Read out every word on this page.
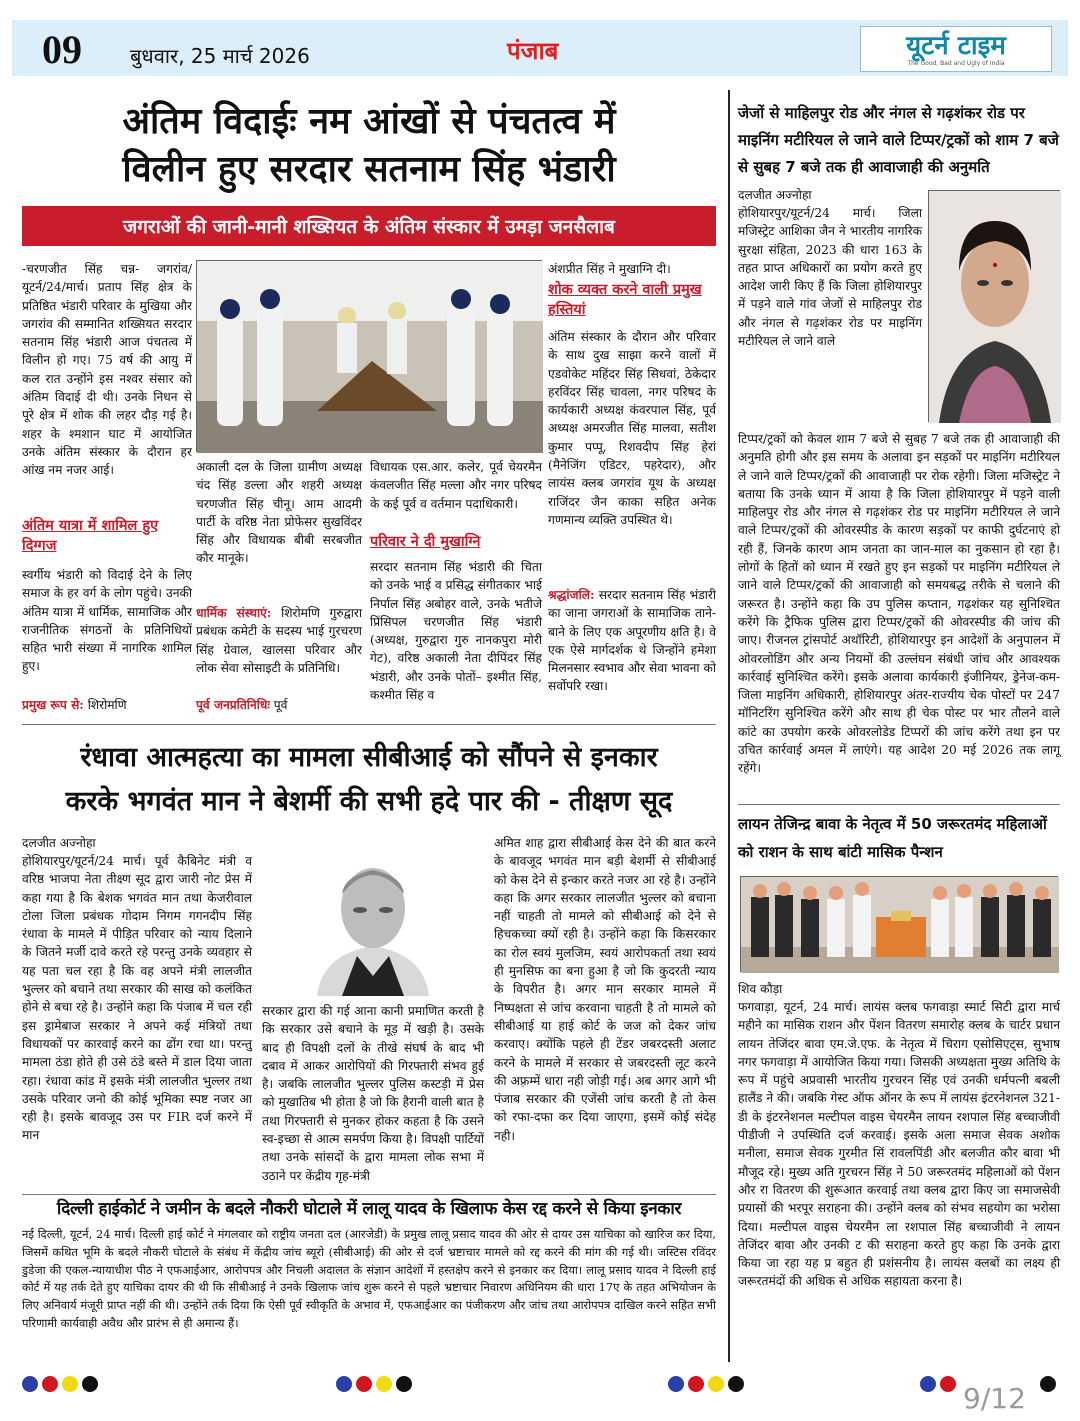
09 बुधवार, 25 मार्च 2026	पंजाब	यूटर्न टाइम
The Good, Bad and Ugly of India
अंतिम विदाईः नम आंखों से पंचतत्व में
विलीन हुए सरदार सतनाम सिंह भंडारी
जगराओं की जानी-मानी शख्सियत के अंतिम संस्कार में उमड़ा जनसैलाब
-चरणजीत सिंह चन्न- जगरांव/यूटर्न/24/मार्च। प्रताप सिंह क्षेत्र के प्रतिष्ठित भंडारी परिवार के मुखिया और जगरांव की सम्मानित शख्सियत सरदार सतनाम सिंह भंडारी आज पंचतत्व में विलीन हो गए। 75 वर्ष की आयु में कल रात उन्होंने इस नश्वर संसार को अंतिम विदाई दी थी। उनके निधन से पूरे क्षेत्र में शोक की लहर दौड़ गई है। शहर के श्मशान घाट में आयोजित उनके अंतिम संस्कार के दौरान हर आंख नम नजर आई।
अंतिम यात्रा में शामिल हुए दिग्गज
स्वर्गीय भंडारी को विदाई देने के लिए समाज के हर वर्ग के लोग पहुंचे। उनकी अंतिम यात्रा में धार्मिक, सामाजिक और राजनीतिक संगठनों के प्रतिनिधियों सहित भारी संख्या में नागरिक शामिल हुए।
प्रमुख रूप से: शिरोमणि
अकाली दल के जिला ग्रामीण अध्यक्ष चंद सिंह डल्ला और शहरी अध्यक्ष चरणजीत सिंह चीनू। आम आदमी पार्टी के वरिष्ठ नेता प्रोफेसर सुखविंदर सिंह और विधायक बीबी सरबजीत कौर मानूके।
धार्मिक संस्थाएं: शिरोमणि गुरुद्वारा प्रबंधक कमेटी के सदस्य भाई गुरचरण सिंह ग्रेवाल, खालसा परिवार और लोक सेवा सोसाइटी के प्रतिनिधि।
पूर्व जनप्रतिनिधिः पूर्व
विधायक एस.आर. कलेर, पूर्व चेयरमैन कंवलजीत सिंह मल्ला और नगर परिषद के कई पूर्व व वर्तमान पदाधिकारी।
परिवार ने दी मुखाग्नि
सरदार सतनाम सिंह भंडारी की चिता को उनके भाई व प्रसिद्ध संगीतकार भाई निर्पाल सिंह अबोहर वाले, उनके भतीजे प्रिंसिपल चरणजीत सिंह भंडारी (अध्यक्ष, गुरुद्वारा गुरु नानकपुरा मोरी गेट), वरिष्ठ अकाली नेता दीपिंदर सिंह भंडारी, और उनके पोतों– इश्मीत सिंह, कश्मीत सिंह व
अंशप्रीत सिंह ने मुखाग्नि दी।
शोक व्यक्त करने वाली प्रमुख हस्तियां
अंतिम संस्कार के दौरान और परिवार के साथ दुख साझा करने वालों में एडवोकेट महिंदर सिंह सिधवां, ठेकेदार हरविंदर सिंह चावला, नगर परिषद के कार्यकारी अध्यक्ष कंवरपाल सिंह, पूर्व अध्यक्ष अमरजीत सिंह मालवा, सतीश कुमार पप्पू, रिशवदीप सिंह हेरां (मैनेजिंग एडिटर, पहरेदार), और लायंस क्लब जगरांव यूथ के अध्यक्ष राजिंदर जैन काका सहित अनेक गणमान्य व्यक्ति उपस्थित थे।
श्रद्धांजलि: सरदार सतनाम सिंह भंडारी का जाना जगराओं के सामाजिक ताने-बाने के लिए एक अपूरणीय क्षति है। वे एक ऐसे मार्गदर्शक थे जिन्होंने हमेशा मिलनसार स्वभाव और सेवा भावना को सर्वोपरि रखा।
रंधावा आत्महत्या का मामला सीबीआई को सौंपने से इनकार
करके भगवंत मान ने बेशर्मी की सभी हदे पार की - तीक्षण सूद
दलजीत अज्नोहा
होशियारपुर/यूटर्न/24 मार्च। पूर्व कैबिनेट मंत्री व वरिष्ठ भाजपा नेता तीक्ष्ण सूद द्वारा जारी नोट प्रेस में कहा गया है कि बेशक भगवंत मान तथा केजरीवाल टोला जिला प्रबंधक गोदाम निगम गगनदीप सिंह रंधावा के मामले में पीड़ित परिवार को न्याय दिलाने के जितने मर्जी दावे करते रहे परन्तु उनके व्यवहार से यह पता चल रहा है कि वह अपने मंत्री लालजीत भुल्लर को बचाने तथा सरकार की साख को कलंकित होने से बचा रहे है। उन्होंने कहा कि पंजाब में चल रही इस ड्रामेबाज सरकार ने अपने कई मंत्रियों तथा विधायकों पर कारवाई करने का ढोंग रचा था। परन्तु मामला ठंडा होते ही उसे ठंडे बस्ते में डाल दिया जाता रहा। रंधावा कांड में इसके मंत्री लालजीत भुल्लर तथा उसके परिवार जनो की कोई भूमिका स्पष्ट नजर आ रही है। इसके बावजूद उस पर FIR दर्ज करने में मान
सरकार द्वारा की गई आना कानी प्रमाणित करती है कि सरकार उसे बचाने के मूड़ में खड़ी है। उसके बाद ही विपक्षी दलों के तीखे संघर्ष के बाद भी दबाव में आकर आरोपियों की गिरफ्तारी संभव हुई है। जबकि लालजीत भुल्लर पुलिस कस्टड़ी में प्रेस को मुखातिब भी होता है जो कि हैरानी वाली बात है तथा गिरफ्तारी से मुनकर होकर कहता है कि उसने स्व-इच्छा से आत्म समर्पण किया है। विपक्षी पार्टियों तथा उनके सांसदों के द्वारा मामला लोक सभा में उठाने पर केंद्रीय गृह-मंत्री
अमित शाह द्वारा सीबीआई केस देने की बात करने के बावजूद भगवंत मान बड़ी बेशर्मी से सीबीआई को केस देने से इन्कार करते नजर आ रहे है। उन्होंने कहा कि अगर सरकार लालजीत भुल्लर को बचाना नहीं चाहती तो मामले को सीबीआई को देने से हिचकच्चा क्यों रही है। उन्होंने कहा कि किसरकार का रोल स्वयं मुलजिम, स्वयं आरोपकर्ता तथा स्वयं ही मुनसिफ का बना हुआ है जो कि कुदरती न्याय के विपरीत है। अगर मान सरकार मामले में निष्पक्षता से जांच करवाना चाहती है तो मामले को सीबीआई या हाई कोर्ट के जज को देकर जांच करवाए। क्योंकि पहले ही टेंडर जबरदस्ती अलाट करने के मामले में सरकार से जबरदस्ती लूट करने की अफ़्रम्में धारा नही जोड़ी गई। अब अगर आगे भी पंजाब सरकार की एजेंसी जांच करती है तो केस को रफा-दफा कर दिया जाएगा, इसमें कोई संदेह नही।
दिल्ली हाईकोर्ट ने जमीन के बदले नौकरी घोटाले में लालू यादव के खिलाफ केस रद्द करने से किया इनकार
नई दिल्ली, यूटर्न, 24 मार्च। दिल्ली हाई कोर्ट ने मंगलवार को राष्ट्रीय जनता दल (आरजेडी) के प्रमुख लालू प्रसाद यादव की ओर से दायर उस याचिका को खारिज कर दिया, जिसमें कथित भूमि के बदले नौकरी घोटाले के संबंध में केंद्रीय जांच ब्यूरो (सीबीआई) की ओर से दर्ज भ्रष्टाचार मामले को रद्द करने की मांग की गई थी। जस्टिस रविंदर डुडेजा की एकल-न्यायाधीश पीठ ने एफआईआर, आरोपपत्र और निचली अदालत के संज्ञान आदेशों में हस्तक्षेप करने से इनकार कर दिया। लालू प्रसाद यादव ने दिल्ली हाई कोर्ट में यह तर्क देते हुए याचिका दायर की थी कि सीबीआई ने उनके खिलाफ जांच शुरू करने से पहले भ्रष्टाचार निवारण अधिनियम की धारा 17ए के तहत अभियोजन के लिए अनिवार्य मंजूरी प्राप्त नहीं की थी। उन्होंने तर्क दिया कि ऐसी पूर्व स्वीकृति के अभाव में, एफआईआर का पंजीकरण और जांच तथा आरोपपत्र दाखिल करने सहित सभी परिणामी कार्यवाही अवैध और प्रारंभ से ही अमान्य हैं।
जेजों से माहिलपुर रोड और नंगल से गढ़शंकर रोड पर माइनिंग मटीरियल ले जाने वाले टिप्पर/ट्रकों को शाम 7 बजे से सुबह 7 बजे तक ही आवाजाही की अनुमति
दलजीत अज्नोहा
होशियारपुर/यूटर्न/24 मार्च। जिला मजिस्ट्रेट आशिका जैन ने भारतीय नागरिक सुरक्षा संहिता, 2023 की धारा 163 के तहत प्राप्त अधिकारों का प्रयोग करते हुए आदेश जारी किए हैं कि जिला होशियारपुर में पड़ने वाले गांव जेजों से माहिलपुर रोड और नंगल से गढ़शंकर रोड पर माइनिंग मटीरियल ले जाने वाले
टिप्पर/ट्रकों को केवल शाम 7 बजे से सुबह 7 बजे तक ही आवाजाही की अनुमति होगी और इस समय के अलावा इन सड़कों पर माइनिंग मटीरियल ले जाने वाले टिप्पर/ट्रकों की आवाजाही पर रोक रहेगी। जिला मजिस्ट्रेट ने बताया कि उनके ध्यान में आया है कि जिला होशियारपुर में पड़ने वाली माहिलपुर रोड और नंगल से गढ़शंकर रोड पर माइनिंग मटीरियल ले जाने वाले टिप्पर/ट्रकों की ओवरस्पीड के कारण सड़कों पर काफी दुर्घटनाएं हो रही हैं, जिनके कारण आम जनता का जान-माल का नुकसान हो रहा है। लोगों के हितों को ध्यान में रखते हुए इन सड़कों पर माइनिंग मटीरियल ले जाने वाले टिप्पर/ट्रकों की आवाजाही को समयबद्ध तरीके से चलाने की जरूरत है। उन्होंने कहा कि उप पुलिस कप्तान, गढ़शंकर यह सुनिश्चित करेंगे कि ट्रैफिक पुलिस द्वारा टिप्पर/ट्रकों की ओवरस्पीड की जांच की जाए। रीजनल ट्रांसपोर्ट अथॉरिटी, होशियारपुर इन आदेशों के अनुपालन में ओवरलोडिंग और अन्य नियमों की उल्लंघन संबंधी जांच और आवश्यक कार्रवाई सुनिश्चित करेंगे। इसके अलावा कार्यकारी इंजीनियर, ड्रेनेज-कम-जिला माइनिंग अधिकारी, होशियारपुर अंतर-राज्यीय चेक पोस्टों पर 247 मॉनिटरिंग सुनिश्चित करेंगे और साथ ही चेक पोस्ट पर भार तौलने वाले कांटे का उपयोग करके ओवरलोडेड टिप्परों की जांच करेंगे तथा इन पर उचित कार्रवाई अमल में लाएंगे। यह आदेश 20 मई 2026 तक लागू रहेंगे।
लायन तेजिन्द्र बावा के नेतृत्व में 50 जरूरतमंद महिलाओं को राशन के साथ बांटी मासिक पैन्शन
शिव कौड़ा
फगवाड़ा, यूटर्न, 24 मार्च। लायंस क्लब फगवाड़ा स्मार्ट सिटी द्वारा मार्च महीने का मासिक राशन और पेंशन वितरण समारोह क्लब के चार्टर प्रधान लायन तेजिंदर बावा एम.जे.एफ. के नेतृत्व में चिराग एसोसिएट्स, सुभाष नगर फगवाड़ा में आयोजित किया गया। जिसकी अध्यक्षता मुख्य अतिथि के रूप में पहुंचे अप्रवासी भारतीय गुरचरन सिंह एवं उनकी धर्मपत्नी बबली हालैंड ने की। जबकि गेस्ट ऑफ ऑनर के रूप में लायंस इंटरनेशनल 321-डी के इंटरनेशनल मल्टीपल वाइस चेयरमैन लायन रशपाल सिंह बच्चाजीवी पीडीजी ने उपस्थिति दर्ज करवाई। इसके अला समाज सेवक अशोक मनीला, समाज सेवक गुरमीत सिं रावलपिंडी और बलजीत कौर बावा भी मौजूद रहे। मुख्य अति गुरचरन सिंह ने 50 जरूरतमंद महिलाओं को पेंशन और रा वितरण की शुरूआत करवाई तथा क्लब द्वारा किए जा समाजसेवी प्रयासों की भरपूर सराहना की। उन्होंने क्लब को संभव सहयोग का भरोसा दिया। मल्टीपल वाइस चेयरमैन ला रशपाल सिंह बच्चाजीवी ने लायन तेजिंदर बावा और उनकी ट की सराहना करते हुए कहा कि उनके द्वारा किया जा रहा यह प्र बहुत ही प्रशंसनीय है। लायंस क्लबों का लक्ष्य ही जरूरतमंदों की अधिक से अधिक सहायता करना है।
9/12
